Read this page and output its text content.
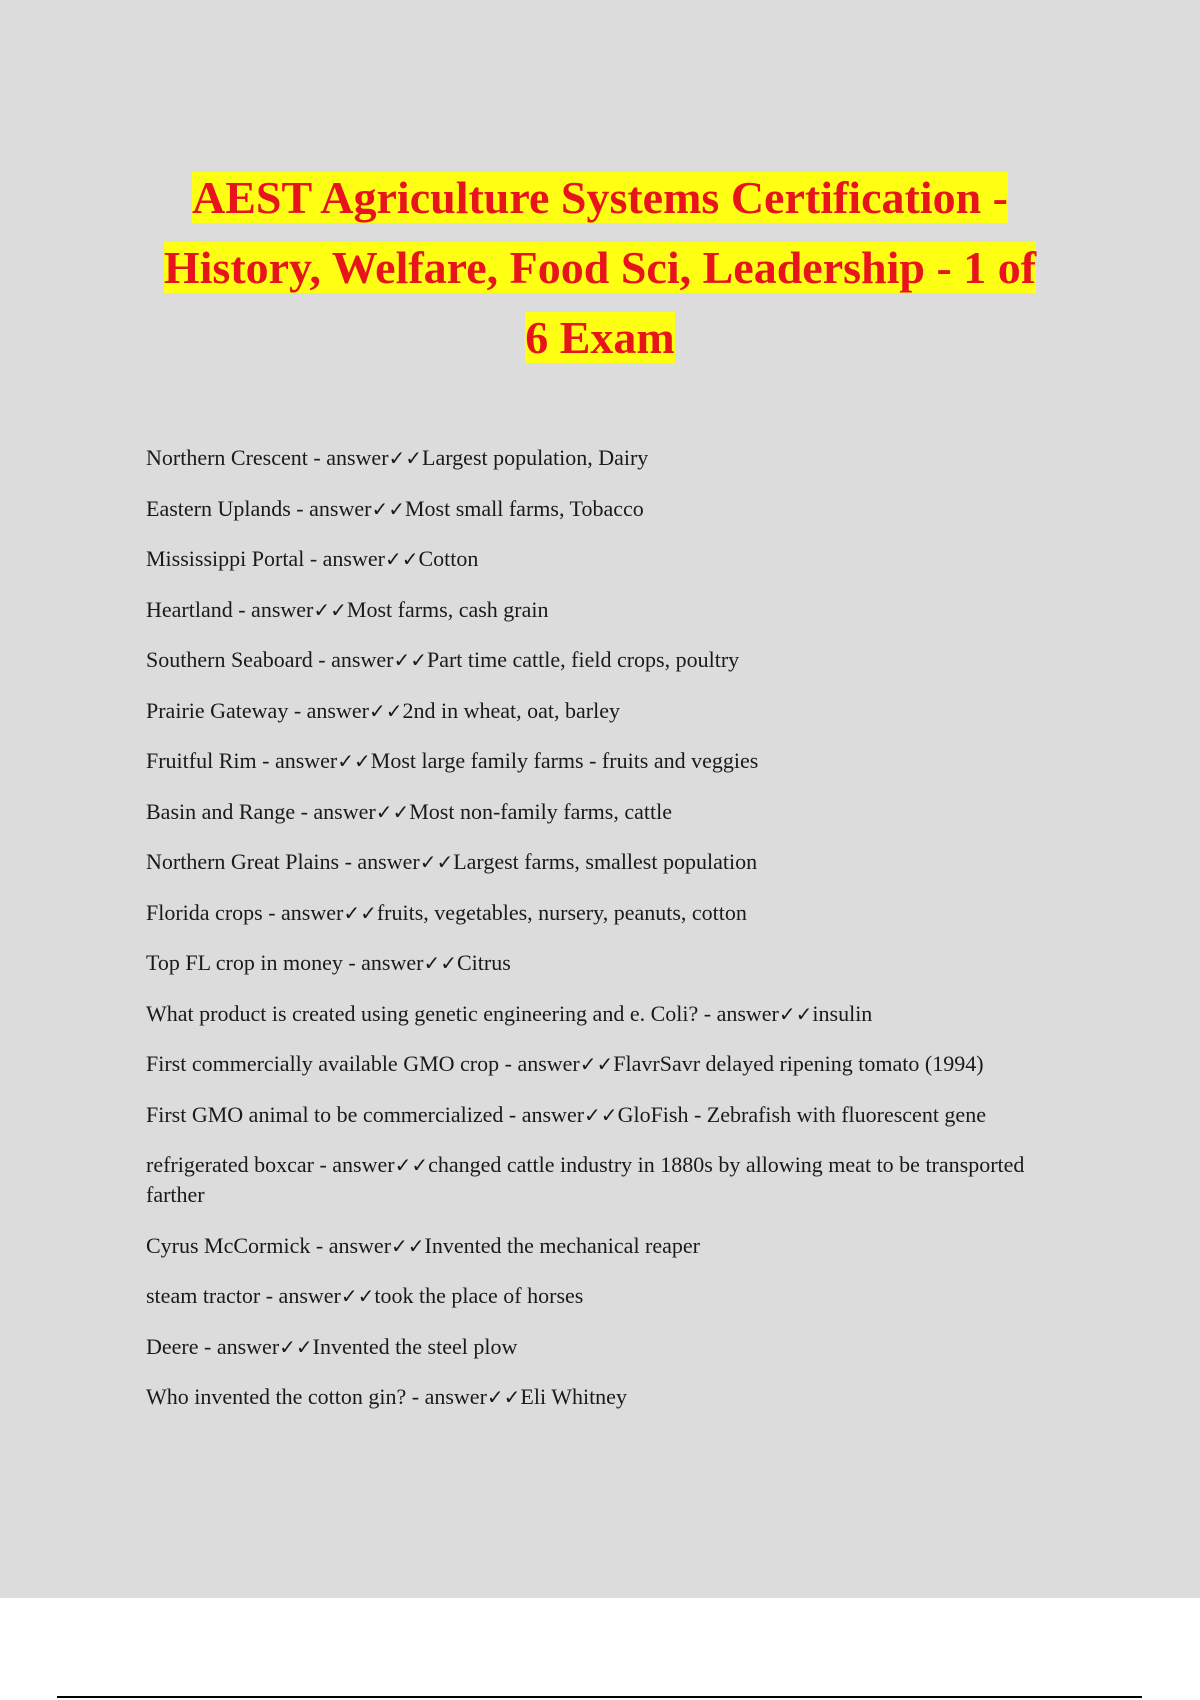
AEST Agriculture Systems Certification -
History, Welfare, Food Sci, Leadership - 1 of
6 Exam
Northern Crescent - answer✓✓Largest population, Dairy
Eastern Uplands - answer✓✓Most small farms, Tobacco
Mississippi Portal - answer✓✓Cotton
Heartland - answer✓✓Most farms, cash grain
Southern Seaboard - answer✓✓Part time cattle, field crops, poultry
Prairie Gateway - answer✓✓2nd in wheat, oat, barley
Fruitful Rim - answer✓✓Most large family farms - fruits and veggies
Basin and Range - answer✓✓Most non-family farms, cattle
Northern Great Plains - answer✓✓Largest farms, smallest population
Florida crops - answer✓✓fruits, vegetables, nursery, peanuts, cotton
Top FL crop in money - answer✓✓Citrus
What product is created using genetic engineering and e. Coli? - answer✓✓insulin
First commercially available GMO crop - answer✓✓FlavrSavr delayed ripening tomato (1994)
First GMO animal to be commercialized - answer✓✓GloFish - Zebrafish with fluorescent gene
refrigerated boxcar - answer✓✓changed cattle industry in 1880s by allowing meat to be transported farther
Cyrus McCormick - answer✓✓Invented the mechanical reaper
steam tractor - answer✓✓took the place of horses
Deere - answer✓✓Invented the steel plow
Who invented the cotton gin? - answer✓✓Eli Whitney
